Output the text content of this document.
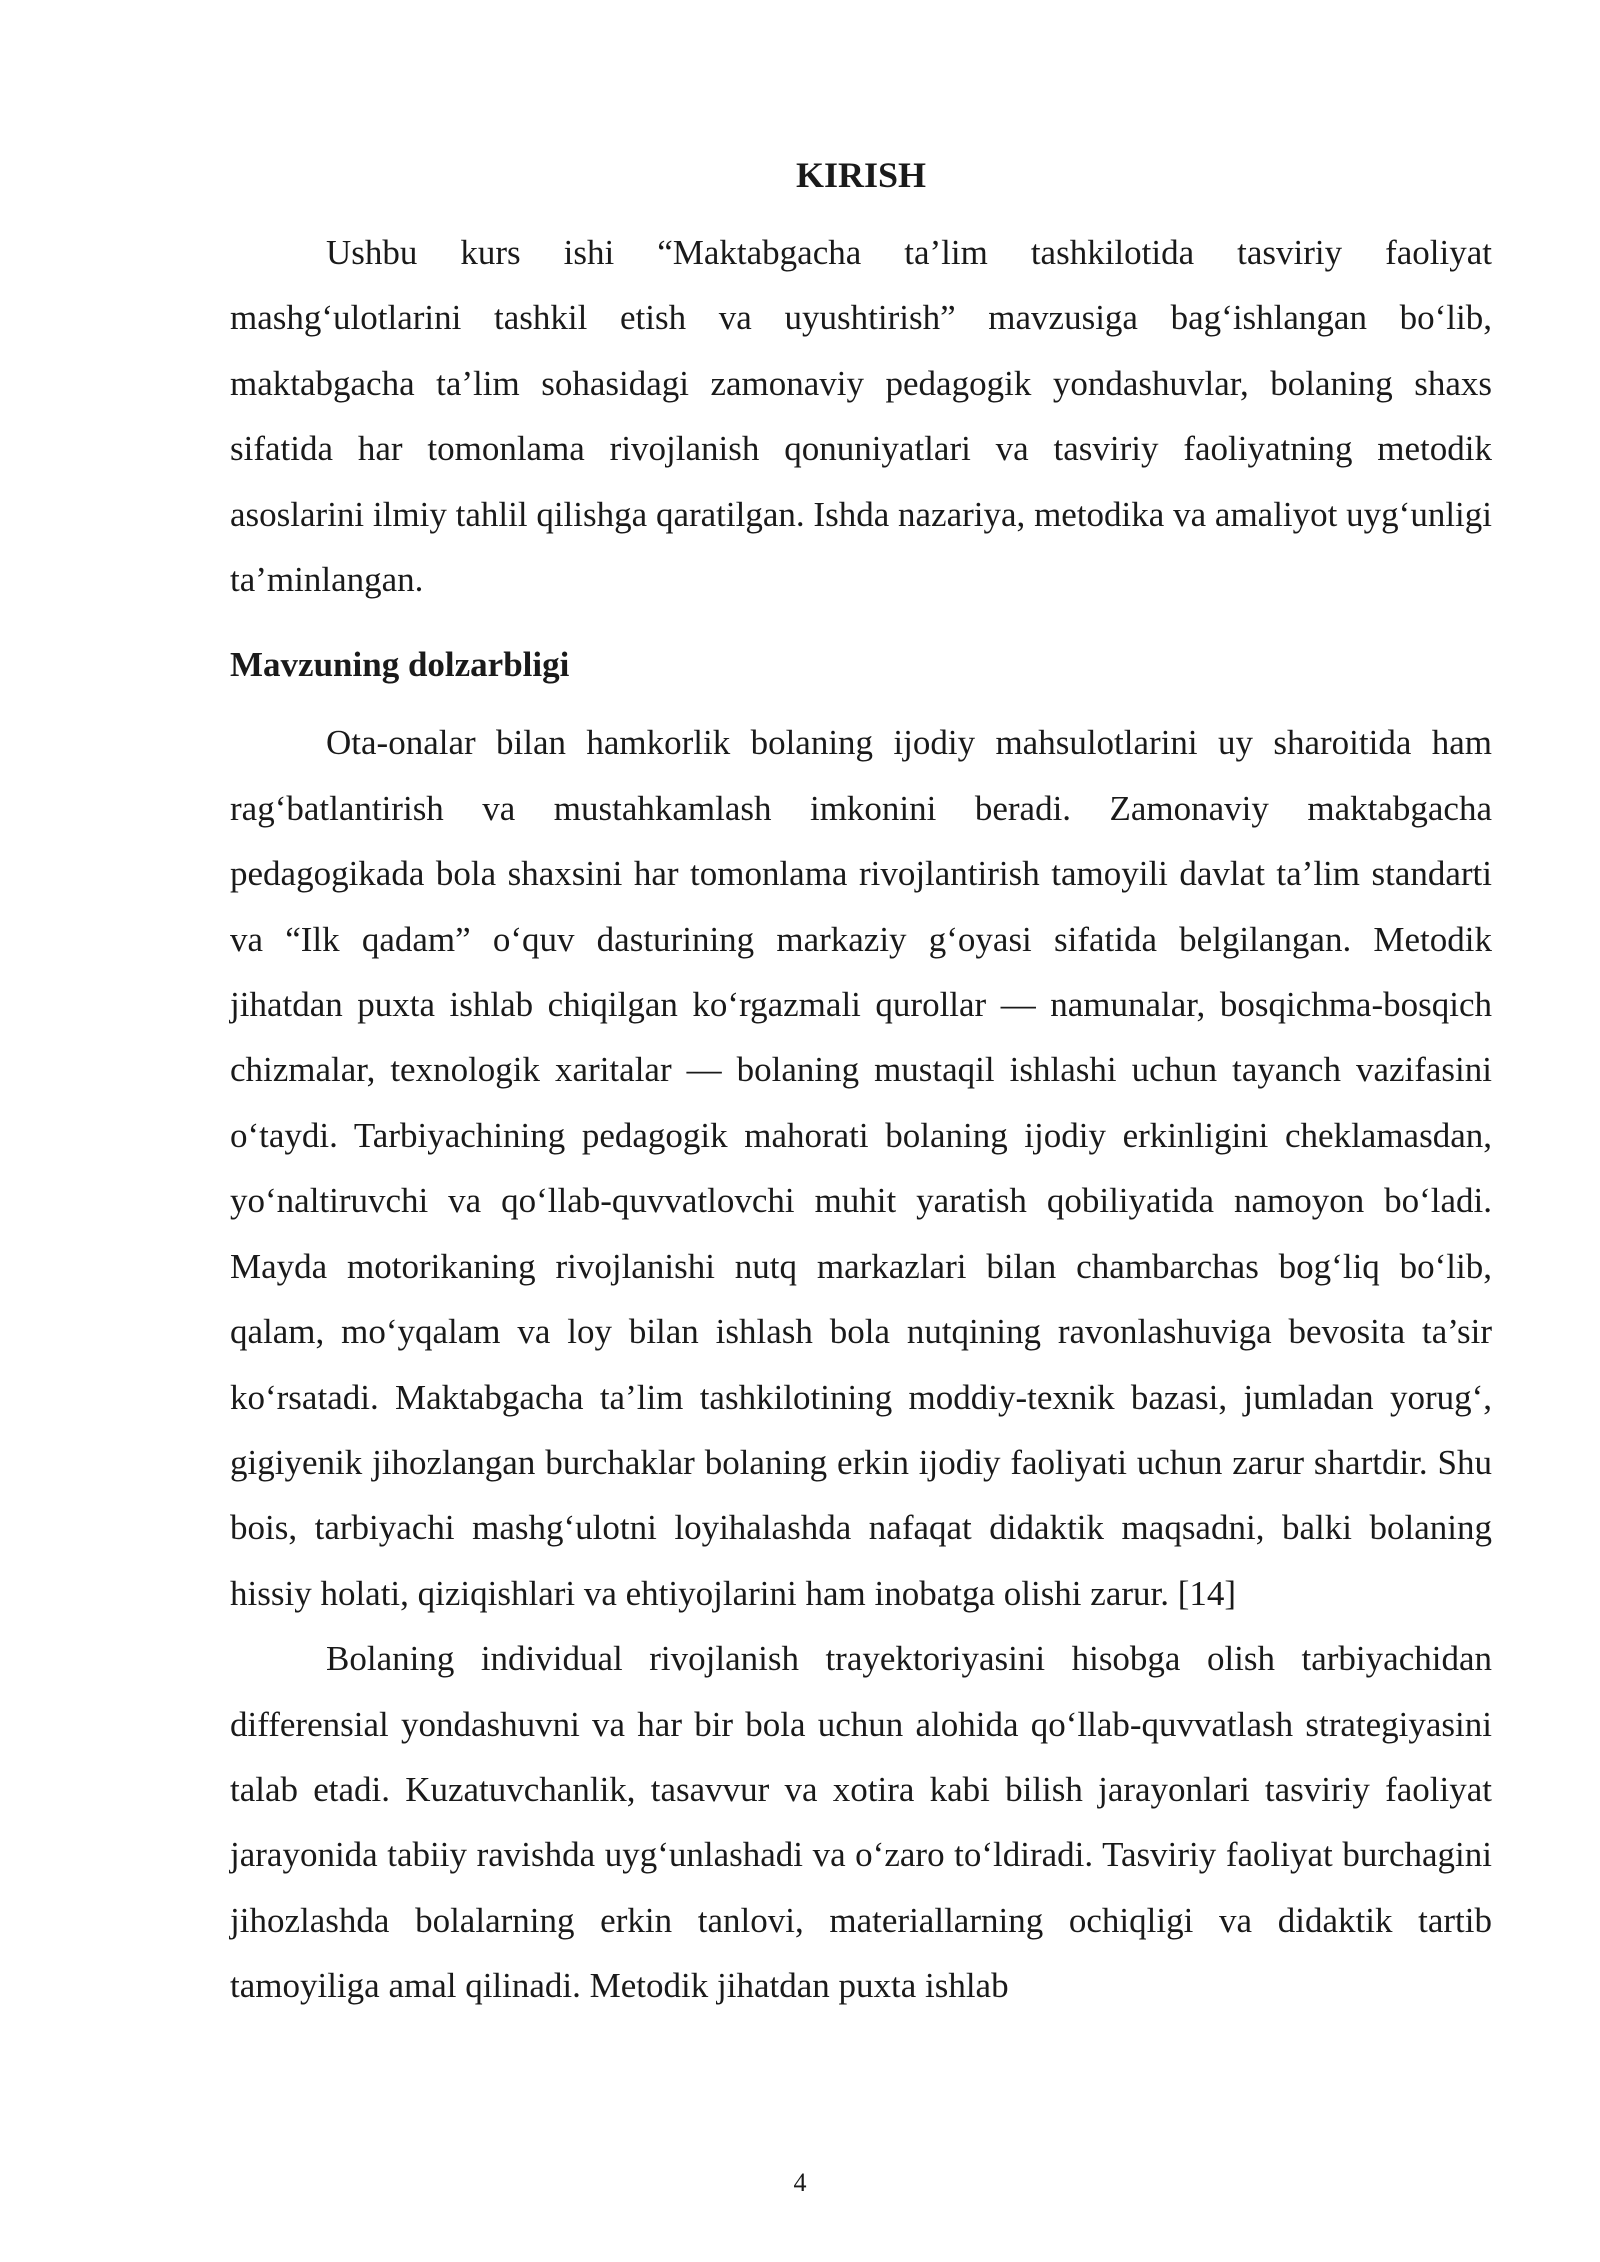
KIRISH

Ushbu kurs ishi “Maktabgacha ta’lim tashkilotida tasviriy faoliyat mashg‘ulotlarini tashkil etish va uyushtirish” mavzusiga bag‘ishlangan bo‘lib, maktabgacha ta’lim sohasidagi zamonaviy pedagogik yondashuvlar, bolaning shaxs sifatida har tomonlama rivojlanish qonuniyatlari va tasviriy faoliyatning metodik asoslarini ilmiy tahlil qilishga qaratilgan. Ishda nazariya, metodika va amaliyot uyg‘unligi ta’minlangan.

Mavzuning dolzarbligi

Ota-onalar bilan hamkorlik bolaning ijodiy mahsulotlarini uy sharoitida ham rag‘batlantirish va mustahkamlash imkonini beradi. Zamonaviy maktabgacha pedagogikada bola shaxsini har tomonlama rivojlantirish tamoyili davlat ta’lim standarti va “Ilk qadam” o‘quv dasturining markaziy g‘oyasi sifatida belgilangan. Metodik jihatdan puxta ishlab chiqilgan ko‘rgazmali qurollar — namunalar, bosqichma-bosqich chizmalar, texnologik xaritalar — bolaning mustaqil ishlashi uchun tayanch vazifasini o‘taydi. Tarbiyachining pedagogik mahorati bolaning ijodiy erkinligini cheklamasdan, yo‘naltiruvchi va qo‘llab-quvvatlovchi muhit yaratish qobiliyatida namoyon bo‘ladi. Mayda motorikaning rivojlanishi nutq markazlari bilan chambarchas bog‘liq bo‘lib, qalam, mo‘yqalam va loy bilan ishlash bola nutqining ravonlashuviga bevosita ta’sir ko‘rsatadi. Maktabgacha ta’lim tashkilotining moddiy-texnik bazasi, jumladan yorug‘, gigiyenik jihozlangan burchaklar bolaning erkin ijodiy faoliyati uchun zarur shartdir. Shu bois, tarbiyachi mashg‘ulotni loyihalashda nafaqat didaktik maqsadni, balki bolaning hissiy holati, qiziqishlari va ehtiyojlarini ham inobatga olishi zarur. [14]

Bolaning individual rivojlanish trayektoriyasini hisobga olish tarbiyachidan differensial yondashuvni va har bir bola uchun alohida qo‘llab-quvvatlash strategiyasini talab etadi. Kuzatuvchanlik, tasavvur va xotira kabi bilish jarayonlari tasviriy faoliyat jarayonida tabiiy ravishda uyg‘unlashadi va o‘zaro to‘ldiradi. Tasviriy faoliyat burchagini jihozlashda bolalarning erkin tanlovi, materiallarning ochiqligi va didaktik tartib tamoyiliga amal qilinadi. Metodik jihatdan puxta ishlab

4
